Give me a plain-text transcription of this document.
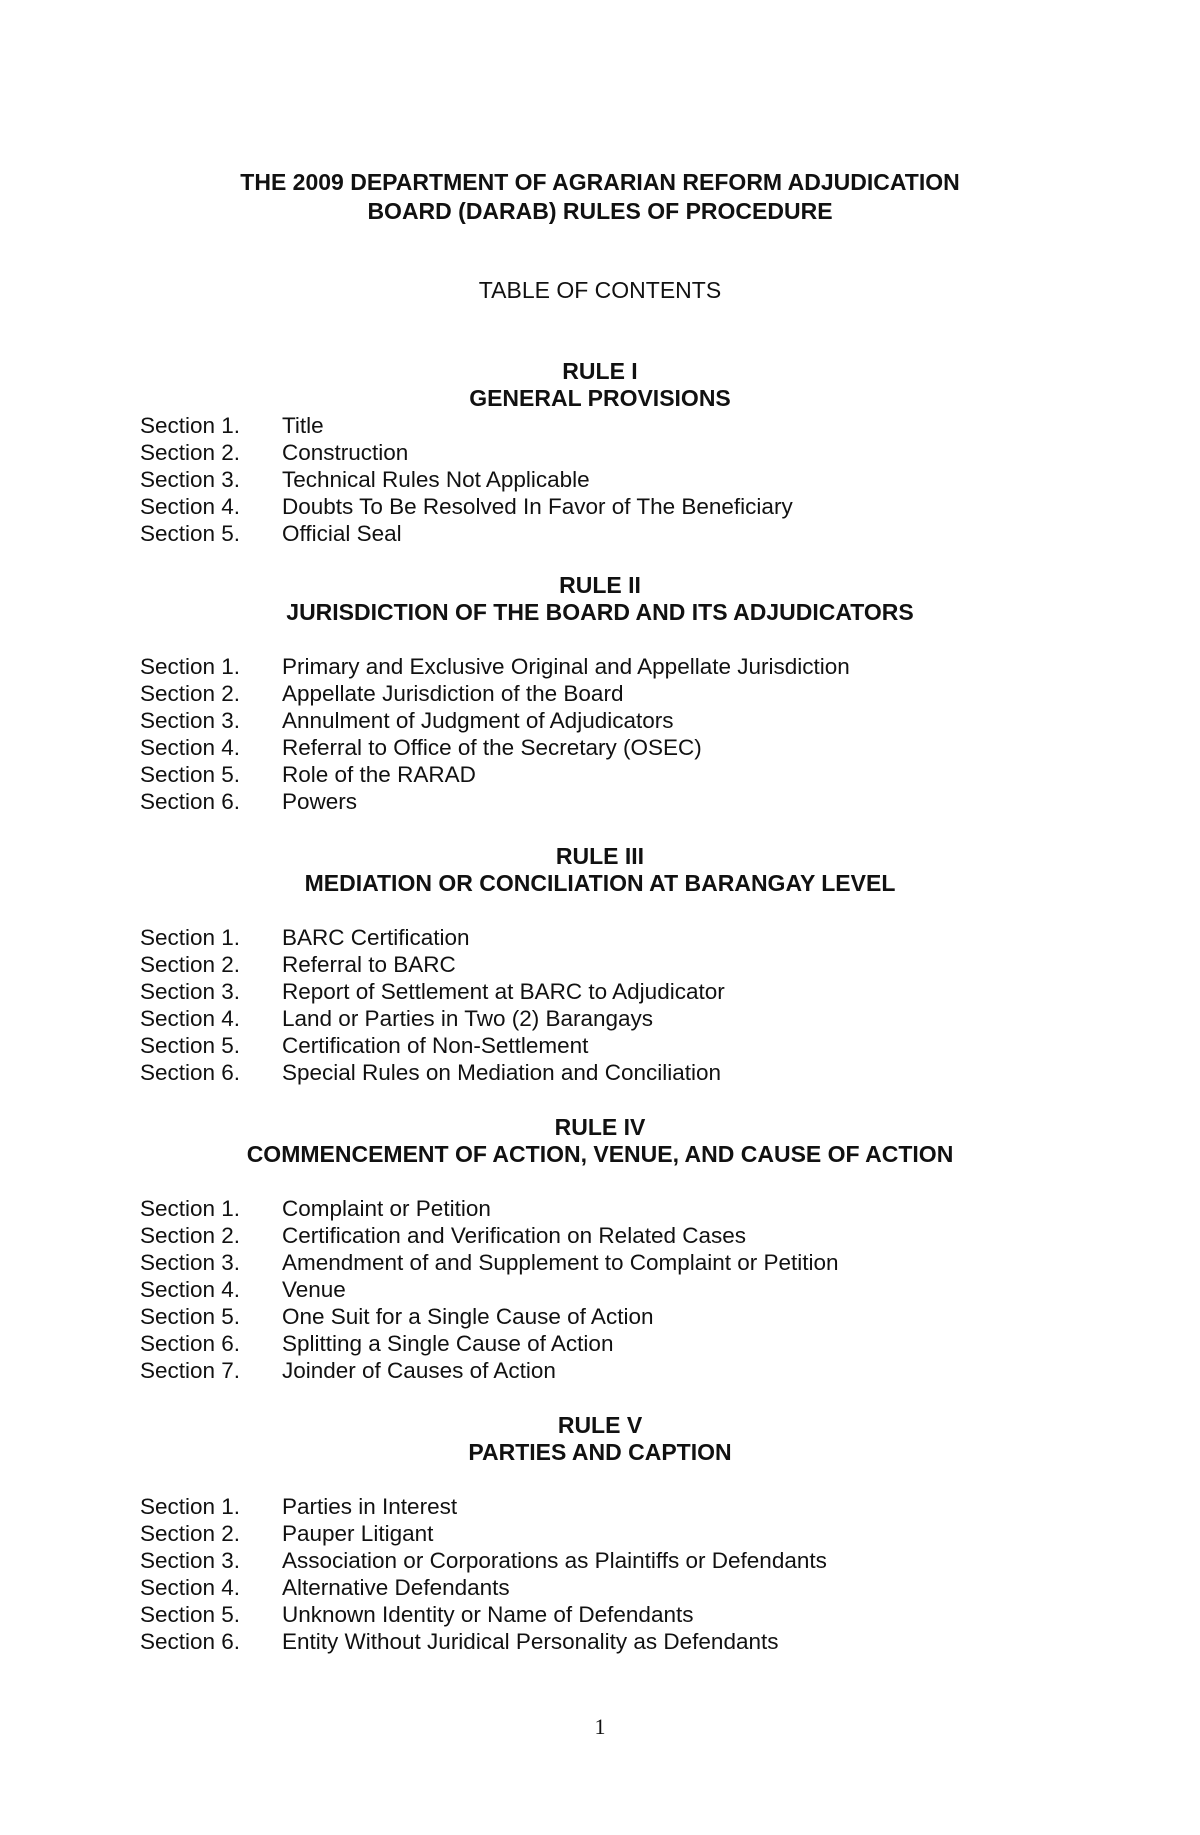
THE 2009 DEPARTMENT OF AGRARIAN REFORM ADJUDICATION
BOARD (DARAB) RULES OF PROCEDURE
TABLE OF CONTENTS
RULE I
GENERAL PROVISIONS
Section 1. Title
Section 2. Construction
Section 3. Technical Rules Not Applicable
Section 4. Doubts To Be Resolved In Favor of The Beneficiary
Section 5. Official Seal
RULE II
JURISDICTION OF THE BOARD AND ITS ADJUDICATORS
Section 1. Primary and Exclusive Original and Appellate Jurisdiction
Section 2. Appellate Jurisdiction of the Board
Section 3. Annulment of Judgment of Adjudicators
Section 4. Referral to Office of the Secretary (OSEC)
Section 5. Role of the RARAD
Section 6. Powers
RULE III
MEDIATION OR CONCILIATION AT BARANGAY LEVEL
Section 1. BARC Certification
Section 2. Referral to BARC
Section 3. Report of Settlement at BARC to Adjudicator
Section 4. Land or Parties in Two (2) Barangays
Section 5. Certification of Non-Settlement
Section 6. Special Rules on Mediation and Conciliation
RULE IV
COMMENCEMENT OF ACTION, VENUE, AND CAUSE OF ACTION
Section 1. Complaint or Petition
Section 2. Certification and Verification on Related Cases
Section 3. Amendment of and Supplement to Complaint or Petition
Section 4. Venue
Section 5. One Suit for a Single Cause of Action
Section 6. Splitting a Single Cause of Action
Section 7. Joinder of Causes of Action
RULE V
PARTIES AND CAPTION
Section 1. Parties in Interest
Section 2. Pauper Litigant
Section 3. Association or Corporations as Plaintiffs or Defendants
Section 4. Alternative Defendants
Section 5. Unknown Identity or Name of Defendants
Section 6. Entity Without Juridical Personality as Defendants
1
